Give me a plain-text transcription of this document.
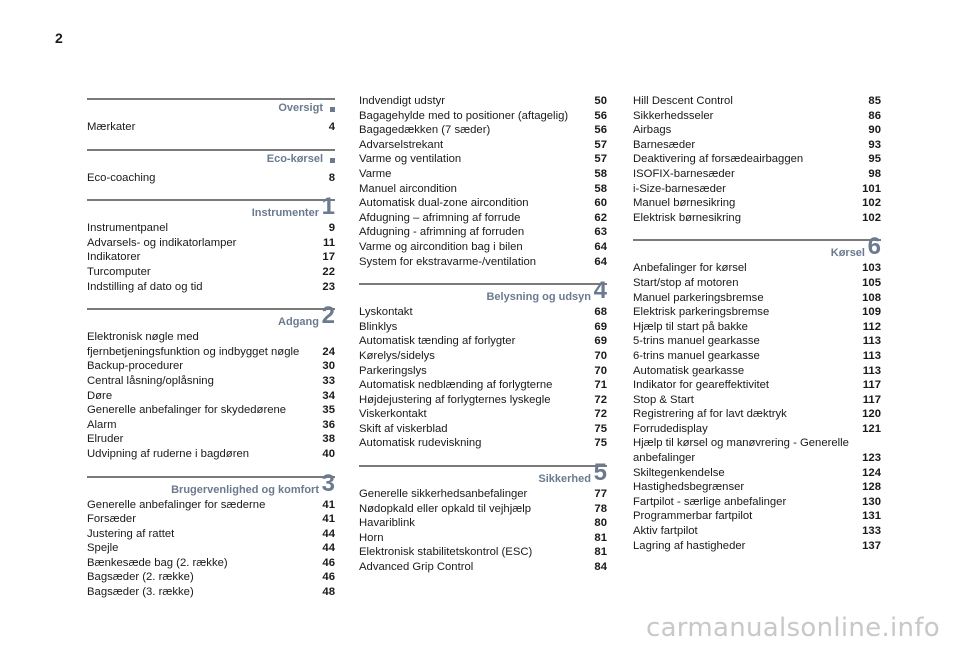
2
Oversigt
Mærkater	4
Eco-kørsel
Eco-coaching	8
Instrumenter 1
Instrumentpanel	9
Advarsels- og indikatorlamper	11
Indikatorer	17
Turcomputer	22
Indstilling af dato og tid	23
Adgang 2
Elektronisk nøgle med fjernbetjeningsfunktion og indbygget nøgle	24
Backup-procedurer	30
Central låsning/oplåsning	33
Døre	34
Generelle anbefalinger for skydedørene	35
Alarm	36
Elruder	38
Udvipning af ruderne i bagdøren	40
Brugervenlighed og komfort 3
Generelle anbefalinger for sæderne	41
Forsæder	41
Justering af rattet	44
Spejle	44
Bænkesæde bag (2. række)	46
Bagsæder (2. række)	46
Bagsæder (3. række)	48
Indvendigt udstyr	50
Bagagehylde med to positioner (aftagelig)	56
Bagagedækken (7 sæder)	56
Advarselstrekant	57
Varme og ventilation	57
Varme	58
Manuel aircondition	58
Automatisk dual-zone aircondition	60
Afdugning – afrimning af forrude	62
Afdugning - afrimning af forruden	63
Varme og aircondition bag i bilen	64
System for ekstravarme-/ventilation	64
Belysning og udsyn 4
Lyskontakt	68
Blinklys	69
Automatisk tænding af forlygter	69
Kørelys/sidelys	70
Parkeringslys	70
Automatisk nedblænding af forlygterne	71
Højdejustering af forlygternes lyskegle	72
Viskerkontakt	72
Skift af viskerblad	75
Automatisk rudeviskning	75
Sikkerhed 5
Generelle sikkerhedsanbefalinger	77
Nødopkald eller opkald til vejhjælp	78
Havariblink	80
Horn	81
Elektronisk stabilitetskontrol (ESC)	81
Advanced Grip Control	84
Hill Descent Control	85
Sikkerhedsseler	86
Airbags	90
Barnesæder	93
Deaktivering af forsædeairbaggen	95
ISOFIX-barnesæder	98
i-Size-barnesæder	101
Manuel børnesikring	102
Elektrisk børnesikring	102
Kørsel 6
Anbefalinger for kørsel	103
Start/stop af motoren	105
Manuel parkeringsbremse	108
Elektrisk parkeringsbremse	109
Hjælp til start på bakke	112
5-trins manuel gearkasse	113
6-trins manuel gearkasse	113
Automatisk gearkasse	113
Indikator for geareffektivitet	117
Stop & Start	117
Registrering af for lavt dæktryk	120
Forrudedisplay	121
Hjælp til kørsel og manøvrering - Generelle anbefalinger	123
Skiltegenkendelse	124
Hastighedsbegrænser	128
Fartpilot - særlige anbefalinger	130
Programmerbar fartpilot	131
Aktiv fartpilot	133
Lagring af hastigheder	137
carmanualsonline.info
